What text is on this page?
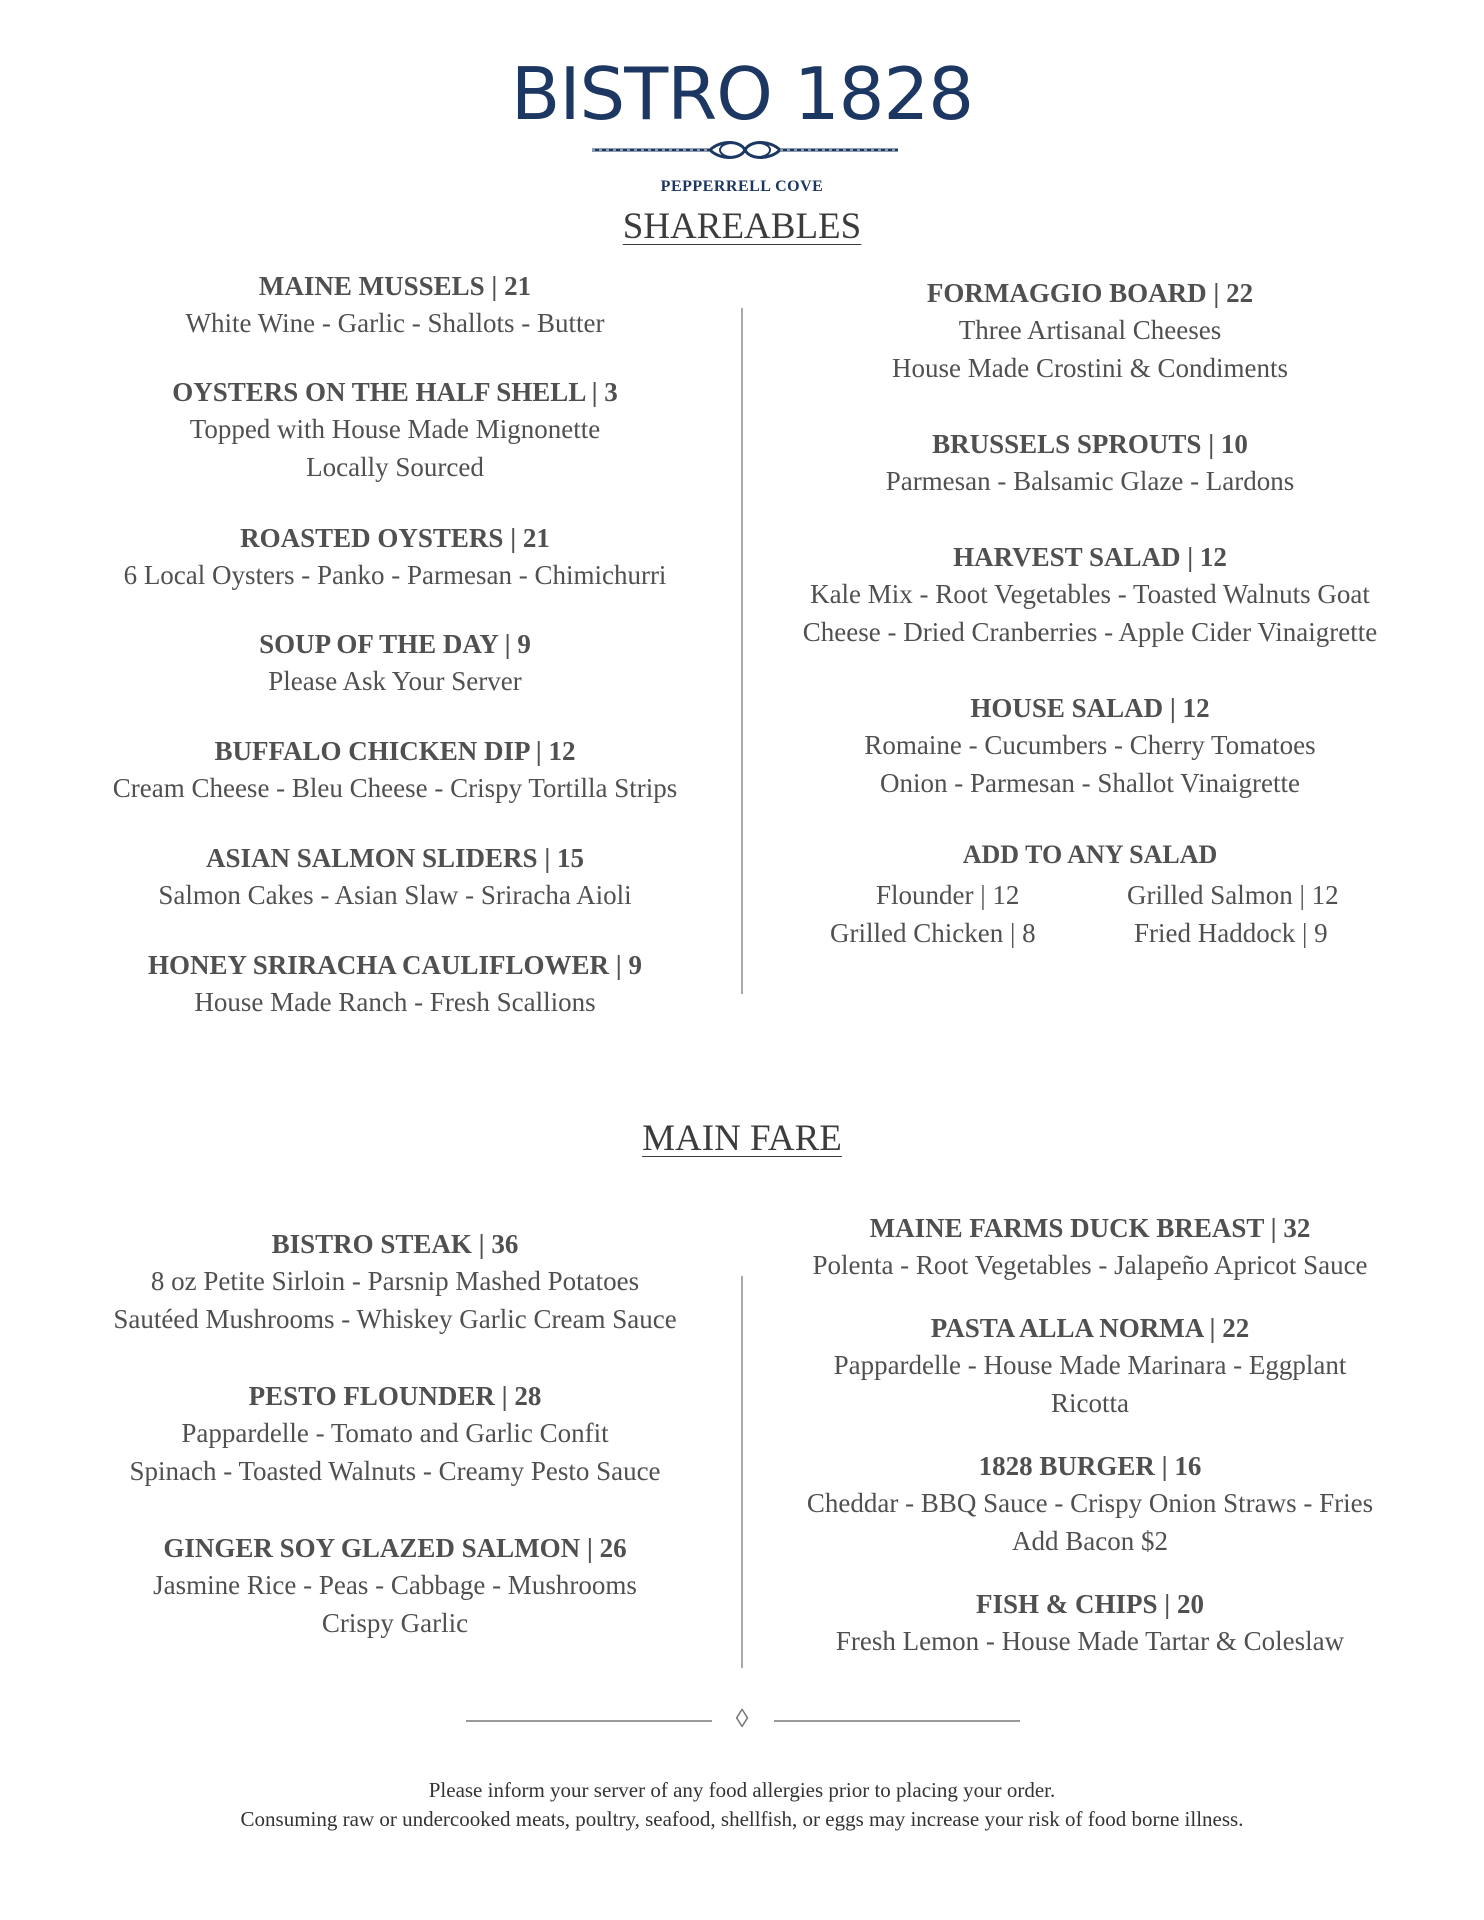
BISTRO 1828
PEPPERRELL COVE
SHAREABLES
MAINE MUSSELS | 21
White Wine - Garlic - Shallots - Butter
OYSTERS ON THE HALF SHELL | 3
Topped with House Made Mignonette
Locally Sourced
ROASTED OYSTERS | 21
6 Local Oysters - Panko - Parmesan - Chimichurri
SOUP OF THE DAY | 9
Please Ask Your Server
BUFFALO CHICKEN DIP | 12
Cream Cheese - Bleu Cheese - Crispy Tortilla Strips
ASIAN SALMON SLIDERS | 15
Salmon Cakes - Asian Slaw - Sriracha Aioli
HONEY SRIRACHA CAULIFLOWER | 9
House Made Ranch - Fresh Scallions
FORMAGGIO BOARD | 22
Three Artisanal Cheeses
House Made Crostini & Condiments
BRUSSELS SPROUTS | 10
Parmesan - Balsamic Glaze - Lardons
HARVEST SALAD | 12
Kale Mix - Root Vegetables - Toasted Walnuts Goat
Cheese - Dried Cranberries - Apple Cider Vinaigrette
HOUSE SALAD | 12
Romaine - Cucumbers - Cherry Tomatoes
Onion - Parmesan - Shallot Vinaigrette
ADD TO ANY SALAD
Flounder | 12	Grilled Salmon | 12
Grilled Chicken | 8	Fried Haddock | 9
MAIN FARE
BISTRO STEAK | 36
8 oz Petite Sirloin - Parsnip Mashed Potatoes
Sautéed Mushrooms - Whiskey Garlic Cream Sauce
PESTO FLOUNDER | 28
Pappardelle - Tomato and Garlic Confit
Spinach - Toasted Walnuts - Creamy Pesto Sauce
GINGER SOY GLAZED SALMON | 26
Jasmine Rice - Peas - Cabbage - Mushrooms
Crispy Garlic
MAINE FARMS DUCK BREAST | 32
Polenta - Root Vegetables - Jalapeño Apricot Sauce
PASTA ALLA NORMA | 22
Pappardelle - House Made Marinara - Eggplant
Ricotta
1828 BURGER | 16
Cheddar - BBQ Sauce - Crispy Onion Straws - Fries
Add Bacon $2
FISH & CHIPS | 20
Fresh Lemon - House Made Tartar & Coleslaw
◊
Please inform your server of any food allergies prior to placing your order.
Consuming raw or undercooked meats, poultry, seafood, shellfish, or eggs may increase your risk of food borne illness.
